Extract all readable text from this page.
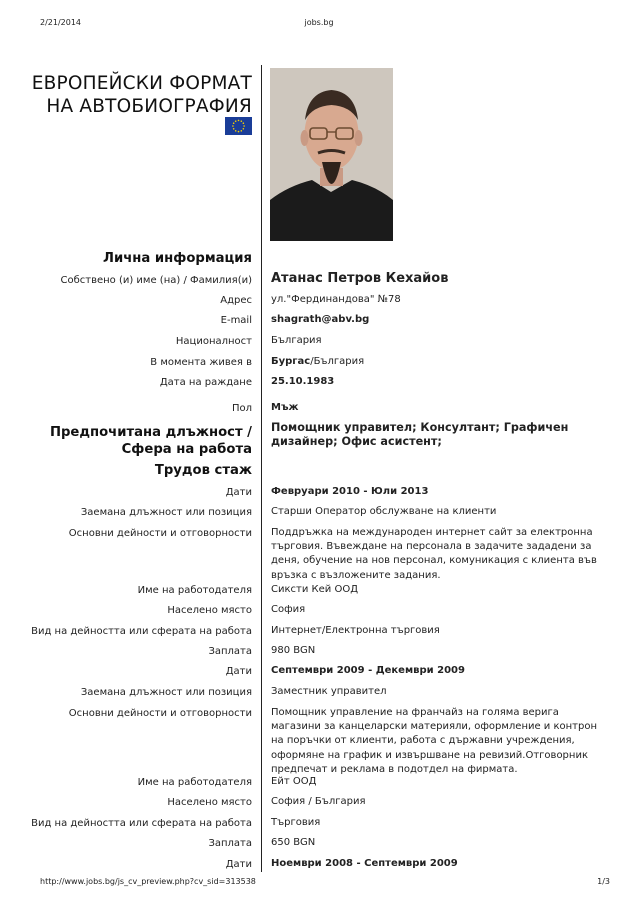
2/21/2014	jobs.bg
ЕВРОПЕЙСКИ ФОРМАТ
НА АВТОБИОГРАФИЯ
Лична информация
Собствено (и) име (на) / Фамилия(и) Атанас Петров Кехайов
Адрес ул."Фердинандова" №78
E-mail shagrath@abv.bg
Националност България
В момента живея в Бургас/България
Дата на раждане 25.10.1983
Пол Мъж
Предпочитана длъжност /
Сфера на работа
Помощник управител; Консултант; Графичен дизайнер; Офис асистент;
Трудов стаж
Дати Февруари 2010 - Юли 2013
Заемана длъжност или позиция Старши Оператор обслужване на клиенти
Основни дейности и отговорности Поддръжка на международен интернет сайт за електронна търговия. Въвеждане на персонала в задачите зададени за деня, обучение на нов персонал, комуникация с клиента във връзка с възложените задания.
Име на работодателя Сиксти Кей ООД
Населено място София
Вид на дейността или сферата на работа Интернет/Електронна търговия
Заплата 980 BGN
Дати Септември 2009 - Декември 2009
Заемана длъжност или позиция Заместник управител
Основни дейности и отговорности Помощник управление на франчайз на голяма верига магазини за канцеларски материяли, оформление и контрон на поръчки от клиенти, работа с държавни учреждения, оформяне на график и извършване на ревизий.Отговорник предпечат и реклама в подотдел на фирмата.
Име на работодателя Ейт ООД
Населено място София / България
Вид на дейността или сферата на работа Търговия
Заплата 650 BGN
Дати Ноември 2008 - Септември 2009
http://www.jobs.bg/js_cv_preview.php?cv_sid=313538	1/3
